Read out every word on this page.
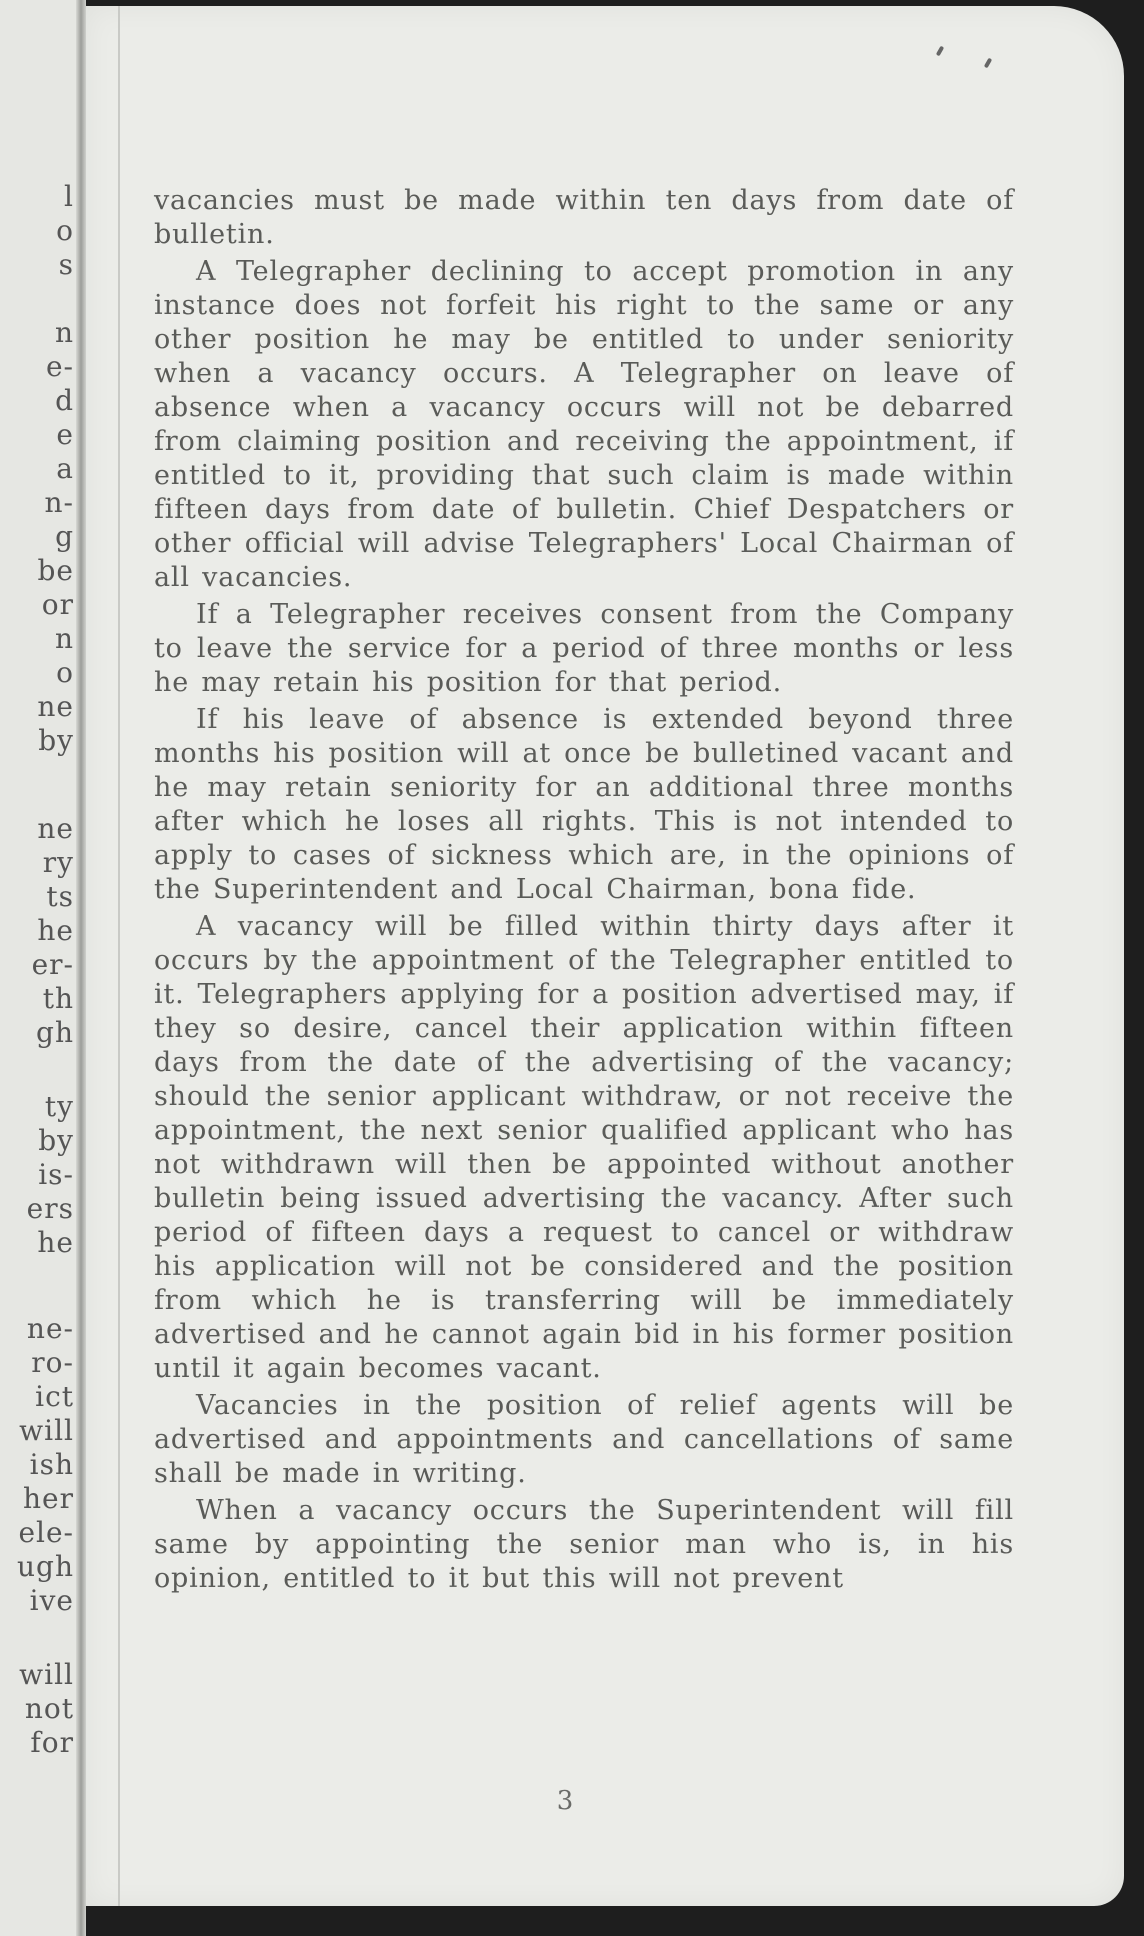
l
o
s
n
e-
d
e
a
n-
g
be
or
n
o
ne
by
ne
ry
ts
he
er-
th
gh
ty
by
is-
ers
he
ne-
ro-
ict
will
ish
her
ele-
ugh
ive
will
not
for

vacancies must be made within ten days from date of bulletin.

A Telegrapher declining to accept promotion in any instance does not forfeit his right to the same or any other position he may be entitled to under seniority when a vacancy occurs. A Telegrapher on leave of absence when a vacancy occurs will not be debarred from claiming position and receiving the appointment, if entitled to it, providing that such claim is made within fifteen days from date of bulletin. Chief Despatchers or other official will advise Telegraphers' Local Chairman of all vacancies.

If a Telegrapher receives consent from the Company to leave the service for a period of three months or less he may retain his position for that period.

If his leave of absence is extended beyond three months his position will at once be bulletined vacant and he may retain seniority for an additional three months after which he loses all rights. This is not intended to apply to cases of sickness which are, in the opinions of the Superintendent and Local Chairman, bona fide.

A vacancy will be filled within thirty days after it occurs by the appointment of the Telegrapher entitled to it. Telegraphers applying for a position advertised may, if they so desire, cancel their application within fifteen days from the date of the advertising of the vacancy; should the senior applicant withdraw, or not receive the appointment, the next senior qualified applicant who has not withdrawn will then be appointed without another bulletin being issued advertising the vacancy. After such period of fifteen days a request to cancel or withdraw his application will not be considered and the position from which he is transferring will be immediately advertised and he cannot again bid in his former position until it again becomes vacant.

Vacancies in the position of relief agents will be advertised and appointments and cancellations of same shall be made in writing.

When a vacancy occurs the Superintendent will fill same by appointing the senior man who is, in his opinion, entitled to it but this will not prevent

3
